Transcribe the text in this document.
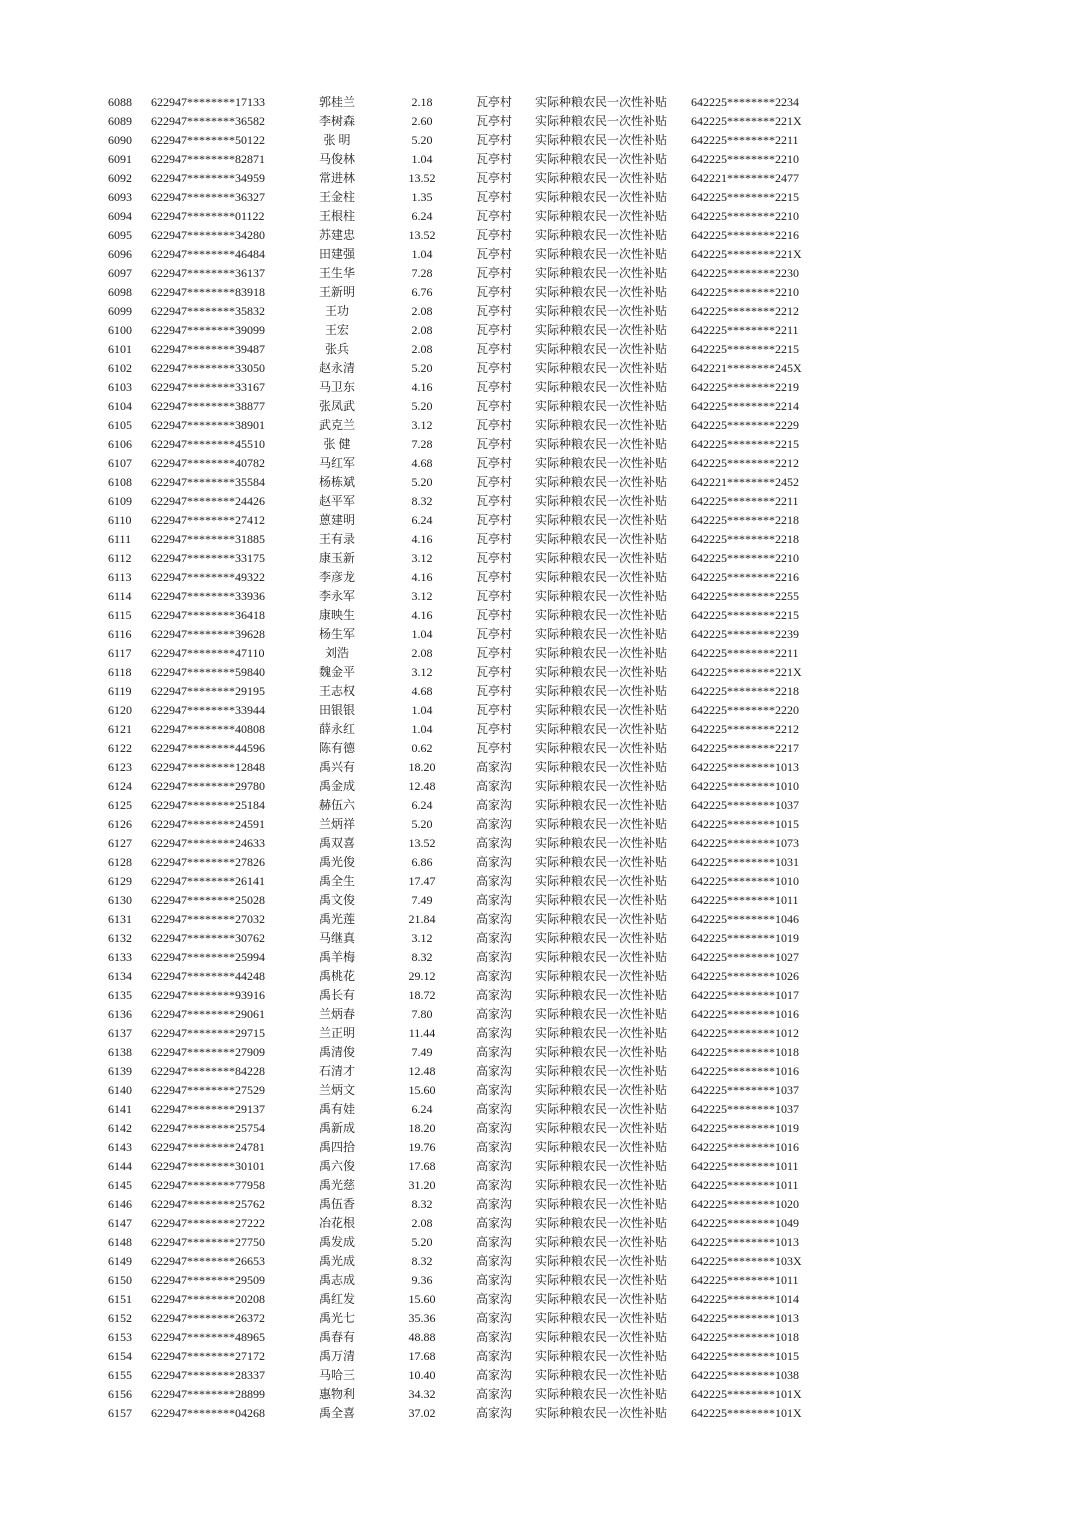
6088	622947********17133	郭桂兰	2.18	瓦亭村	实际种粮农民一次性补贴	642225********2234
6089	622947********36582	李树森	2.60	瓦亭村	实际种粮农民一次性补贴	642225********221X
6090	622947********50122	张 明	5.20	瓦亭村	实际种粮农民一次性补贴	642225********2211
6091	622947********82871	马俊林	1.04	瓦亭村	实际种粮农民一次性补贴	642225********2210
6092	622947********34959	常进林	13.52	瓦亭村	实际种粮农民一次性补贴	642221********2477
6093	622947********36327	王金柱	1.35	瓦亭村	实际种粮农民一次性补贴	642225********2215
6094	622947********01122	王根柱	6.24	瓦亭村	实际种粮农民一次性补贴	642225********2210
6095	622947********34280	苏建忠	13.52	瓦亭村	实际种粮农民一次性补贴	642225********2216
6096	622947********46484	田建强	1.04	瓦亭村	实际种粮农民一次性补贴	642225********221X
6097	622947********36137	王生华	7.28	瓦亭村	实际种粮农民一次性补贴	642225********2230
6098	622947********83918	王新明	6.76	瓦亭村	实际种粮农民一次性补贴	642225********2210
6099	622947********35832	王功	2.08	瓦亭村	实际种粮农民一次性补贴	642225********2212
6100	622947********39099	王宏	2.08	瓦亭村	实际种粮农民一次性补贴	642225********2211
6101	622947********39487	张兵	2.08	瓦亭村	实际种粮农民一次性补贴	642225********2215
6102	622947********33050	赵永清	5.20	瓦亭村	实际种粮农民一次性补贴	642221********245X
6103	622947********33167	马卫东	4.16	瓦亭村	实际种粮农民一次性补贴	642225********2219
6104	622947********38877	张凤武	5.20	瓦亭村	实际种粮农民一次性补贴	642225********2214
6105	622947********38901	武克兰	3.12	瓦亭村	实际种粮农民一次性补贴	642225********2229
6106	622947********45510	张 健	7.28	瓦亭村	实际种粮农民一次性补贴	642225********2215
6107	622947********40782	马红军	4.68	瓦亭村	实际种粮农民一次性补贴	642225********2212
6108	622947********35584	杨栋斌	5.20	瓦亭村	实际种粮农民一次性补贴	642221********2452
6109	622947********24426	赵平军	8.32	瓦亭村	实际种粮农民一次性补贴	642225********2211
6110	622947********27412	蒽建明	6.24	瓦亭村	实际种粮农民一次性补贴	642225********2218
6111	622947********31885	王有录	4.16	瓦亭村	实际种粮农民一次性补贴	642225********2218
6112	622947********33175	康玉新	3.12	瓦亭村	实际种粮农民一次性补贴	642225********2210
6113	622947********49322	李彦龙	4.16	瓦亭村	实际种粮农民一次性补贴	642225********2216
6114	622947********33936	李永军	3.12	瓦亭村	实际种粮农民一次性补贴	642225********2255
6115	622947********36418	康映生	4.16	瓦亭村	实际种粮农民一次性补贴	642225********2215
6116	622947********39628	杨生军	1.04	瓦亭村	实际种粮农民一次性补贴	642225********2239
6117	622947********47110	刘浩	2.08	瓦亭村	实际种粮农民一次性补贴	642225********2211
6118	622947********59840	魏金平	3.12	瓦亭村	实际种粮农民一次性补贴	642225********221X
6119	622947********29195	王志权	4.68	瓦亭村	实际种粮农民一次性补贴	642225********2218
6120	622947********33944	田银银	1.04	瓦亭村	实际种粮农民一次性补贴	642225********2220
6121	622947********40808	薛永红	1.04	瓦亭村	实际种粮农民一次性补贴	642225********2212
6122	622947********44596	陈有德	0.62	瓦亭村	实际种粮农民一次性补贴	642225********2217
6123	622947********12848	禹兴有	18.20	高家沟	实际种粮农民一次性补贴	642225********1013
6124	622947********29780	禹金成	12.48	高家沟	实际种粮农民一次性补贴	642225********1010
6125	622947********25184	赫伍六	6.24	高家沟	实际种粮农民一次性补贴	642225********1037
6126	622947********24591	兰炳祥	5.20	高家沟	实际种粮农民一次性补贴	642225********1015
6127	622947********24633	禹双喜	13.52	高家沟	实际种粮农民一次性补贴	642225********1073
6128	622947********27826	禹光俊	6.86	高家沟	实际种粮农民一次性补贴	642225********1031
6129	622947********26141	禹全生	17.47	高家沟	实际种粮农民一次性补贴	642225********1010
6130	622947********25028	禹文俊	7.49	高家沟	实际种粮农民一次性补贴	642225********1011
6131	622947********27032	禹光莲	21.84	高家沟	实际种粮农民一次性补贴	642225********1046
6132	622947********30762	马继真	3.12	高家沟	实际种粮农民一次性补贴	642225********1019
6133	622947********25994	禹羊梅	8.32	高家沟	实际种粮农民一次性补贴	642225********1027
6134	622947********44248	禹桃花	29.12	高家沟	实际种粮农民一次性补贴	642225********1026
6135	622947********93916	禹长有	18.72	高家沟	实际种粮农民一次性补贴	642225********1017
6136	622947********29061	兰炳春	7.80	高家沟	实际种粮农民一次性补贴	642225********1016
6137	622947********29715	兰正明	11.44	高家沟	实际种粮农民一次性补贴	642225********1012
6138	622947********27909	禹清俊	7.49	高家沟	实际种粮农民一次性补贴	642225********1018
6139	622947********84228	石清才	12.48	高家沟	实际种粮农民一次性补贴	642225********1016
6140	622947********27529	兰炳文	15.60	高家沟	实际种粮农民一次性补贴	642225********1037
6141	622947********29137	禹有娃	6.24	高家沟	实际种粮农民一次性补贴	642225********1037
6142	622947********25754	禹新成	18.20	高家沟	实际种粮农民一次性补贴	642225********1019
6143	622947********24781	禹四拾	19.76	高家沟	实际种粮农民一次性补贴	642225********1016
6144	622947********30101	禹六俊	17.68	高家沟	实际种粮农民一次性补贴	642225********1011
6145	622947********77958	禹光慈	31.20	高家沟	实际种粮农民一次性补贴	642225********1011
6146	622947********25762	禹伍香	8.32	高家沟	实际种粮农民一次性补贴	642225********1020
6147	622947********27222	冶花根	2.08	高家沟	实际种粮农民一次性补贴	642225********1049
6148	622947********27750	禹发成	5.20	高家沟	实际种粮农民一次性补贴	642225********1013
6149	622947********26653	禹光成	8.32	高家沟	实际种粮农民一次性补贴	642225********103X
6150	622947********29509	禹志成	9.36	高家沟	实际种粮农民一次性补贴	642225********1011
6151	622947********20208	禹红发	15.60	高家沟	实际种粮农民一次性补贴	642225********1014
6152	622947********26372	禹光七	35.36	高家沟	实际种粮农民一次性补贴	642225********1013
6153	622947********48965	禹春有	48.88	高家沟	实际种粮农民一次性补贴	642225********1018
6154	622947********27172	禹万清	17.68	高家沟	实际种粮农民一次性补贴	642225********1015
6155	622947********28337	马哈三	10.40	高家沟	实际种粮农民一次性补贴	642225********1038
6156	622947********28899	惠物利	34.32	高家沟	实际种粮农民一次性补贴	642225********101X
6157	622947********04268	禹全喜	37.02	高家沟	实际种粮农民一次性补贴	642225********101X
